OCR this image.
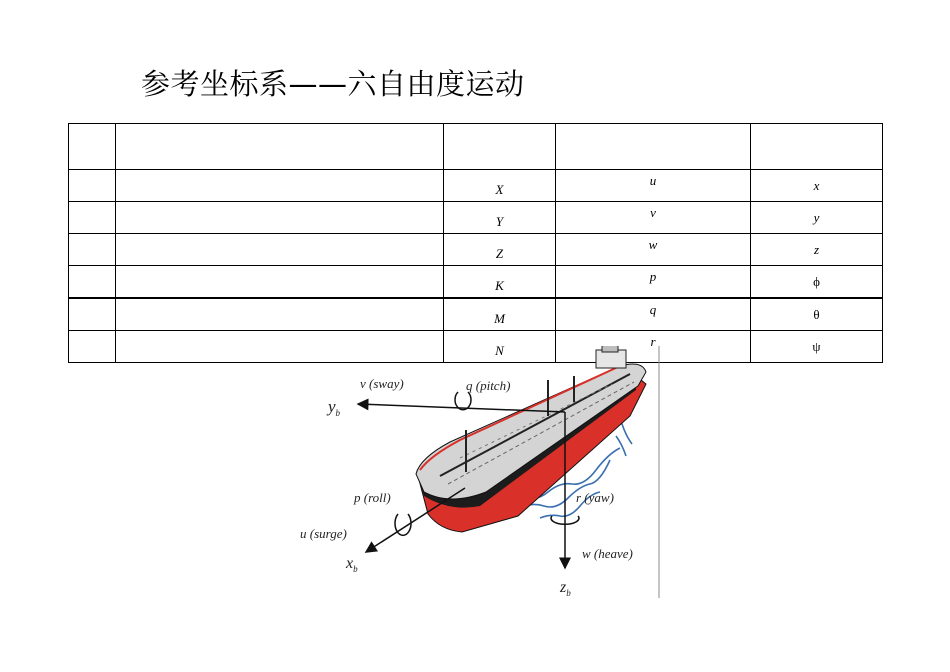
参考坐标系——六自由度运动

		X	u	x
		Y	v	y
		Z	w	z
		K	p	ϕ
		M	q	θ
		N	r	ψ
v (sway)	q (pitch)
$y_b$
p (roll)
u (surge)
$x_b$
r (yaw)
w (heave)
$z_b$
